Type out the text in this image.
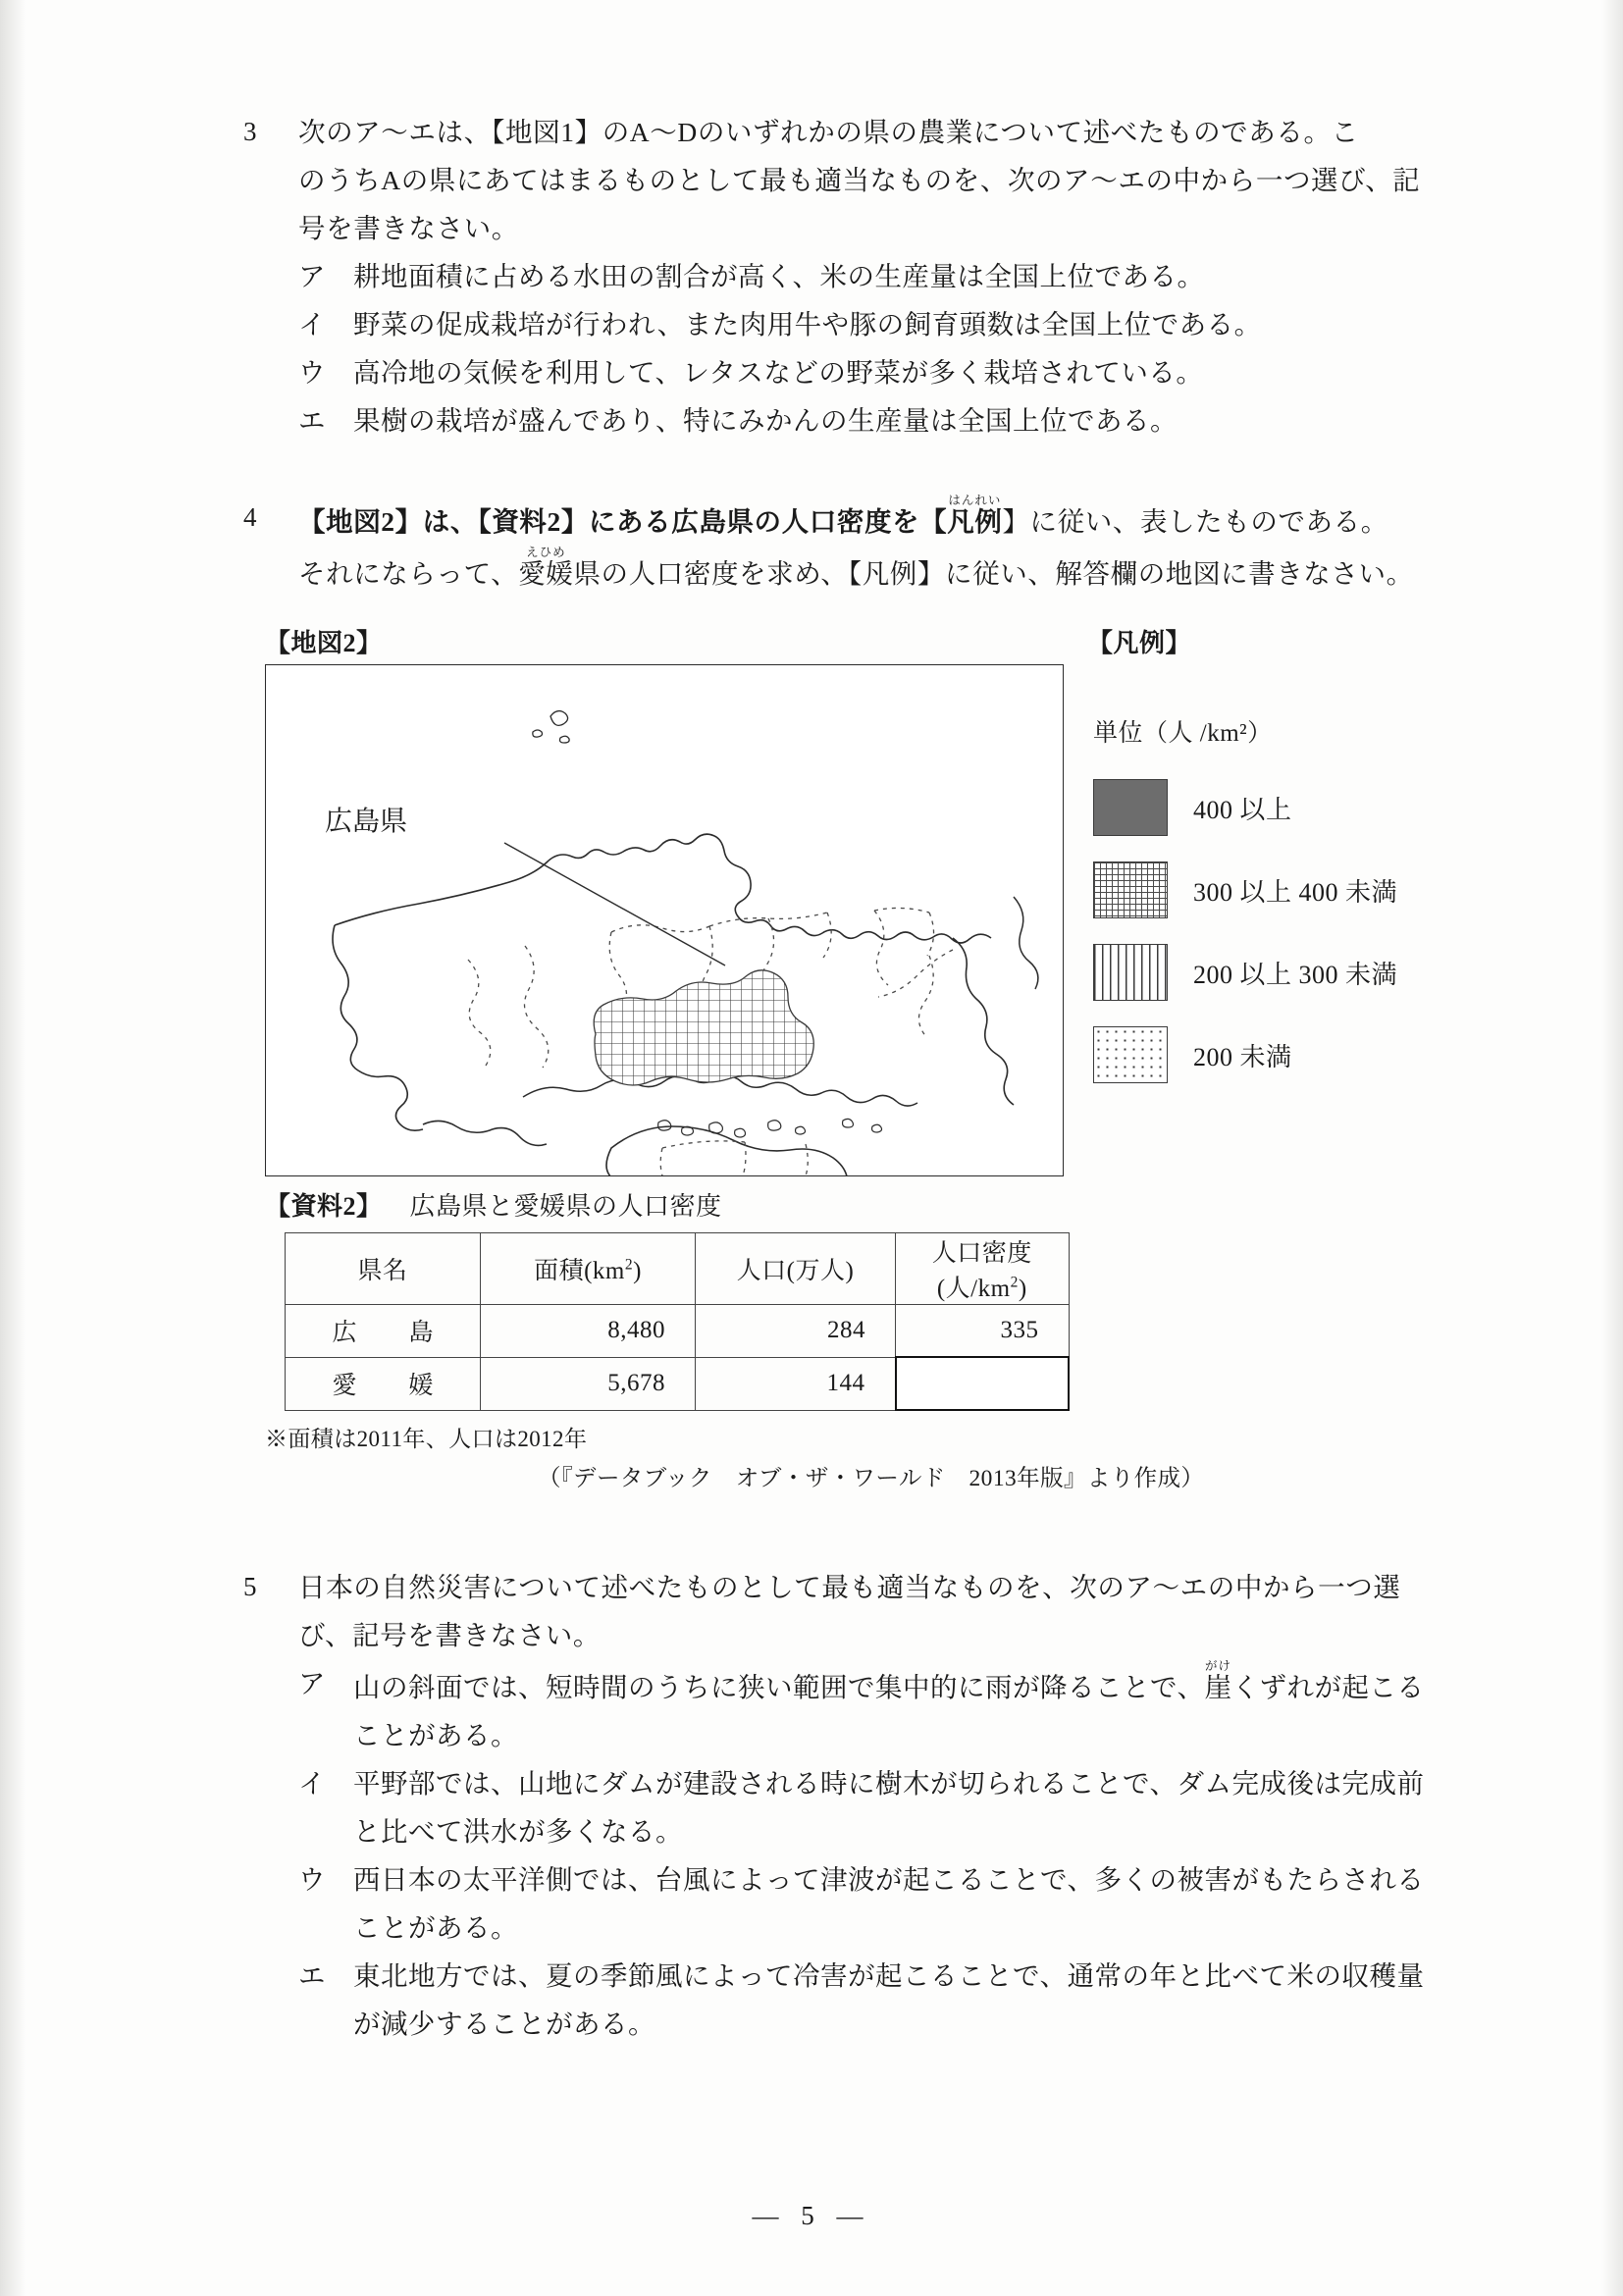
3	次のア〜エは、【地図1】のA〜Dのいずれかの県の農業について述べたものである。こ
のうちAの県にあてはまるものとして最も適当なものを、次のア〜エの中から一つ選び、記
号を書きなさい。
ア 耕地面積に占める水田の割合が高く、米の生産量は全国上位である。
イ 野菜の促成栽培が行われ、また肉用牛や豚の飼育頭数は全国上位である。
ウ 高冷地の気候を利用して、レタスなどの野菜が多く栽培されている。
エ 果樹の栽培が盛んであり、特にみかんの生産量は全国上位である。
4	【地図2】は、【資料2】にある広島県の人口密度を【凡例はんれい】に従い、表したものである。
それにならって、愛媛えひめ県の人口密度を求め、【凡例】に従い、解答欄の地図に書きなさい。
【地図2】	【凡例】
広島県
単位（人 /km²）
400 以上
300 以上 400 未満
200 以上 300 未満
200 未満
【資料2】 広島県と愛媛県の人口密度
県名	面積$(km^2)$	人口(万人)	人口密度(人$/km^2$)
広　島	8,480	284	335
愛　媛	5,678	144	
※面積は2011年、人口は2012年
（『データブック　オブ・ザ・ワールド　2013年版』より作成）
5	日本の自然災害について述べたものとして最も適当なものを、次のア〜エの中から一つ選
び、記号を書きなさい。
ア 山の斜面では、短時間のうちに狭い範囲で集中的に雨が降ることで、崖がけくずれが起こる
ことがある。
イ 平野部では、山地にダムが建設される時に樹木が切られることで、ダム完成後は完成前
と比べて洪水が多くなる。
ウ 西日本の太平洋側では、台風によって津波が起こることで、多くの被害がもたらされる
ことがある。
エ 東北地方では、夏の季節風によって冷害が起こることで、通常の年と比べて米の収穫量
が減少することがある。
— 5 —
